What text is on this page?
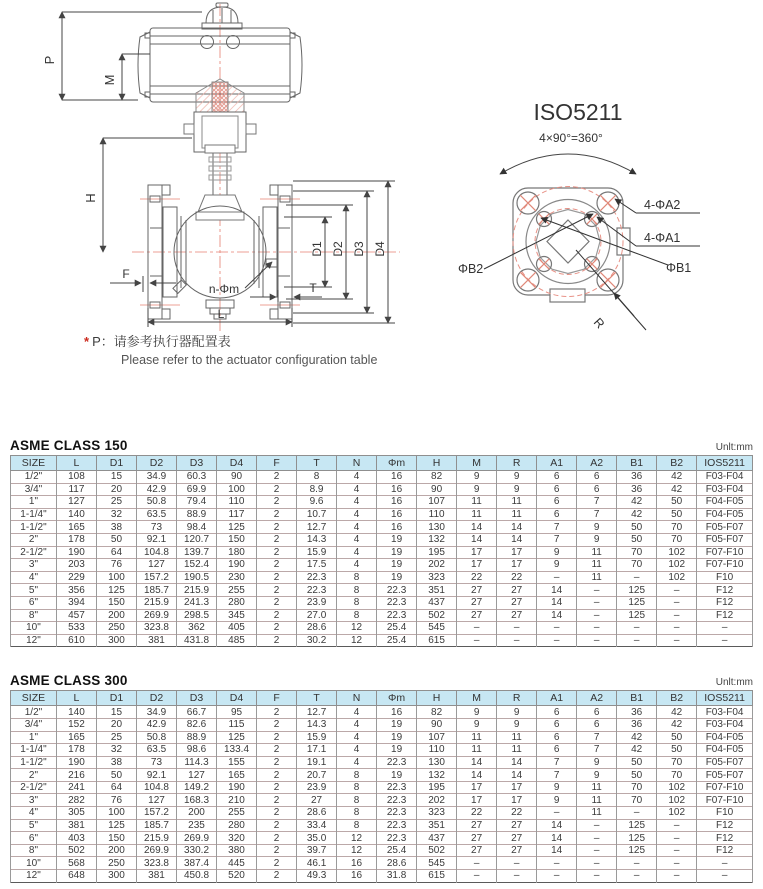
P
M
H
D1 D2 D3 D4
F
n-Φm	T
L
ISO5211
4×90°=360°
4-ΦA2
4-ΦA1
ΦB2	ΦB1
R
* P：请参考执行器配置表
Please refer to the actuator configuration table
ASME CLASS 150	Unlt:mm
SIZE	L	D1	D2	D3	D4	F	T	N	Φm	H	M	R	A1	A2	B1	B2	IOS5211
1/2"	108	15	34.9	60.3	90	2	8	4	16	82	9	9	6	6	36	42	F03-F04
3/4"	117	20	42.9	69.9	100	2	8.9	4	16	90	9	9	6	6	36	42	F03-F04
1"	127	25	50.8	79.4	110	2	9.6	4	16	107	11	11	6	7	42	50	F04-F05
1-1/4"	140	32	63.5	88.9	117	2	10.7	4	16	110	11	11	6	7	42	50	F04-F05
1-1/2"	165	38	73	98.4	125	2	12.7	4	16	130	14	14	7	9	50	70	F05-F07
2"	178	50	92.1	120.7	150	2	14.3	4	19	132	14	14	7	9	50	70	F05-F07
2-1/2"	190	64	104.8	139.7	180	2	15.9	4	19	195	17	17	9	11	70	102	F07-F10
3"	203	76	127	152.4	190	2	17.5	4	19	202	17	17	9	11	70	102	F07-F10
4"	229	100	157.2	190.5	230	2	22.3	8	19	323	22	22	–	11	–	102	F10
5"	356	125	185.7	215.9	255	2	22.3	8	22.3	351	27	27	14	–	125	–	F12
6"	394	150	215.9	241.3	280	2	23.9	8	22.3	437	27	27	14	–	125	–	F12
8"	457	200	269.9	298.5	345	2	27.0	8	22.3	502	27	27	14	–	125	–	F12
10"	533	250	323.8	362	405	2	28.6	12	25.4	545	–	–	–	–	–	–	–
12"	610	300	381	431.8	485	2	30.2	12	25.4	615	–	–	–	–	–	–	–
ASME CLASS 300	Unlt:mm
SIZE	L	D1	D2	D3	D4	F	T	N	Φm	H	M	R	A1	A2	B1	B2	IOS5211
1/2"	140	15	34.9	66.7	95	2	12.7	4	16	82	9	9	6	6	36	42	F03-F04
3/4"	152	20	42.9	82.6	115	2	14.3	4	19	90	9	9	6	6	36	42	F03-F04
1"	165	25	50.8	88.9	125	2	15.9	4	19	107	11	11	6	7	42	50	F04-F05
1-1/4"	178	32	63.5	98.6	133.4	2	17.1	4	19	110	11	11	6	7	42	50	F04-F05
1-1/2"	190	38	73	114.3	155	2	19.1	4	22.3	130	14	14	7	9	50	70	F05-F07
2"	216	50	92.1	127	165	2	20.7	8	19	132	14	14	7	9	50	70	F05-F07
2-1/2"	241	64	104.8	149.2	190	2	23.9	8	22.3	195	17	17	9	11	70	102	F07-F10
3"	282	76	127	168.3	210	2	27	8	22.3	202	17	17	9	11	70	102	F07-F10
4"	305	100	157.2	200	255	2	28.6	8	22.3	323	22	22	–	11	–	102	F10
5"	381	125	185.7	235	280	2	33.4	8	22.3	351	27	27	14	–	125	–	F12
6"	403	150	215.9	269.9	320	2	35.0	12	22.3	437	27	27	14	–	125	–	F12
8"	502	200	269.9	330.2	380	2	39.7	12	25.4	502	27	27	14	–	125	–	F12
10"	568	250	323.8	387.4	445	2	46.1	16	28.6	545	–	–	–	–	–	–	–
12"	648	300	381	450.8	520	2	49.3	16	31.8	615	–	–	–	–	–	–	–
